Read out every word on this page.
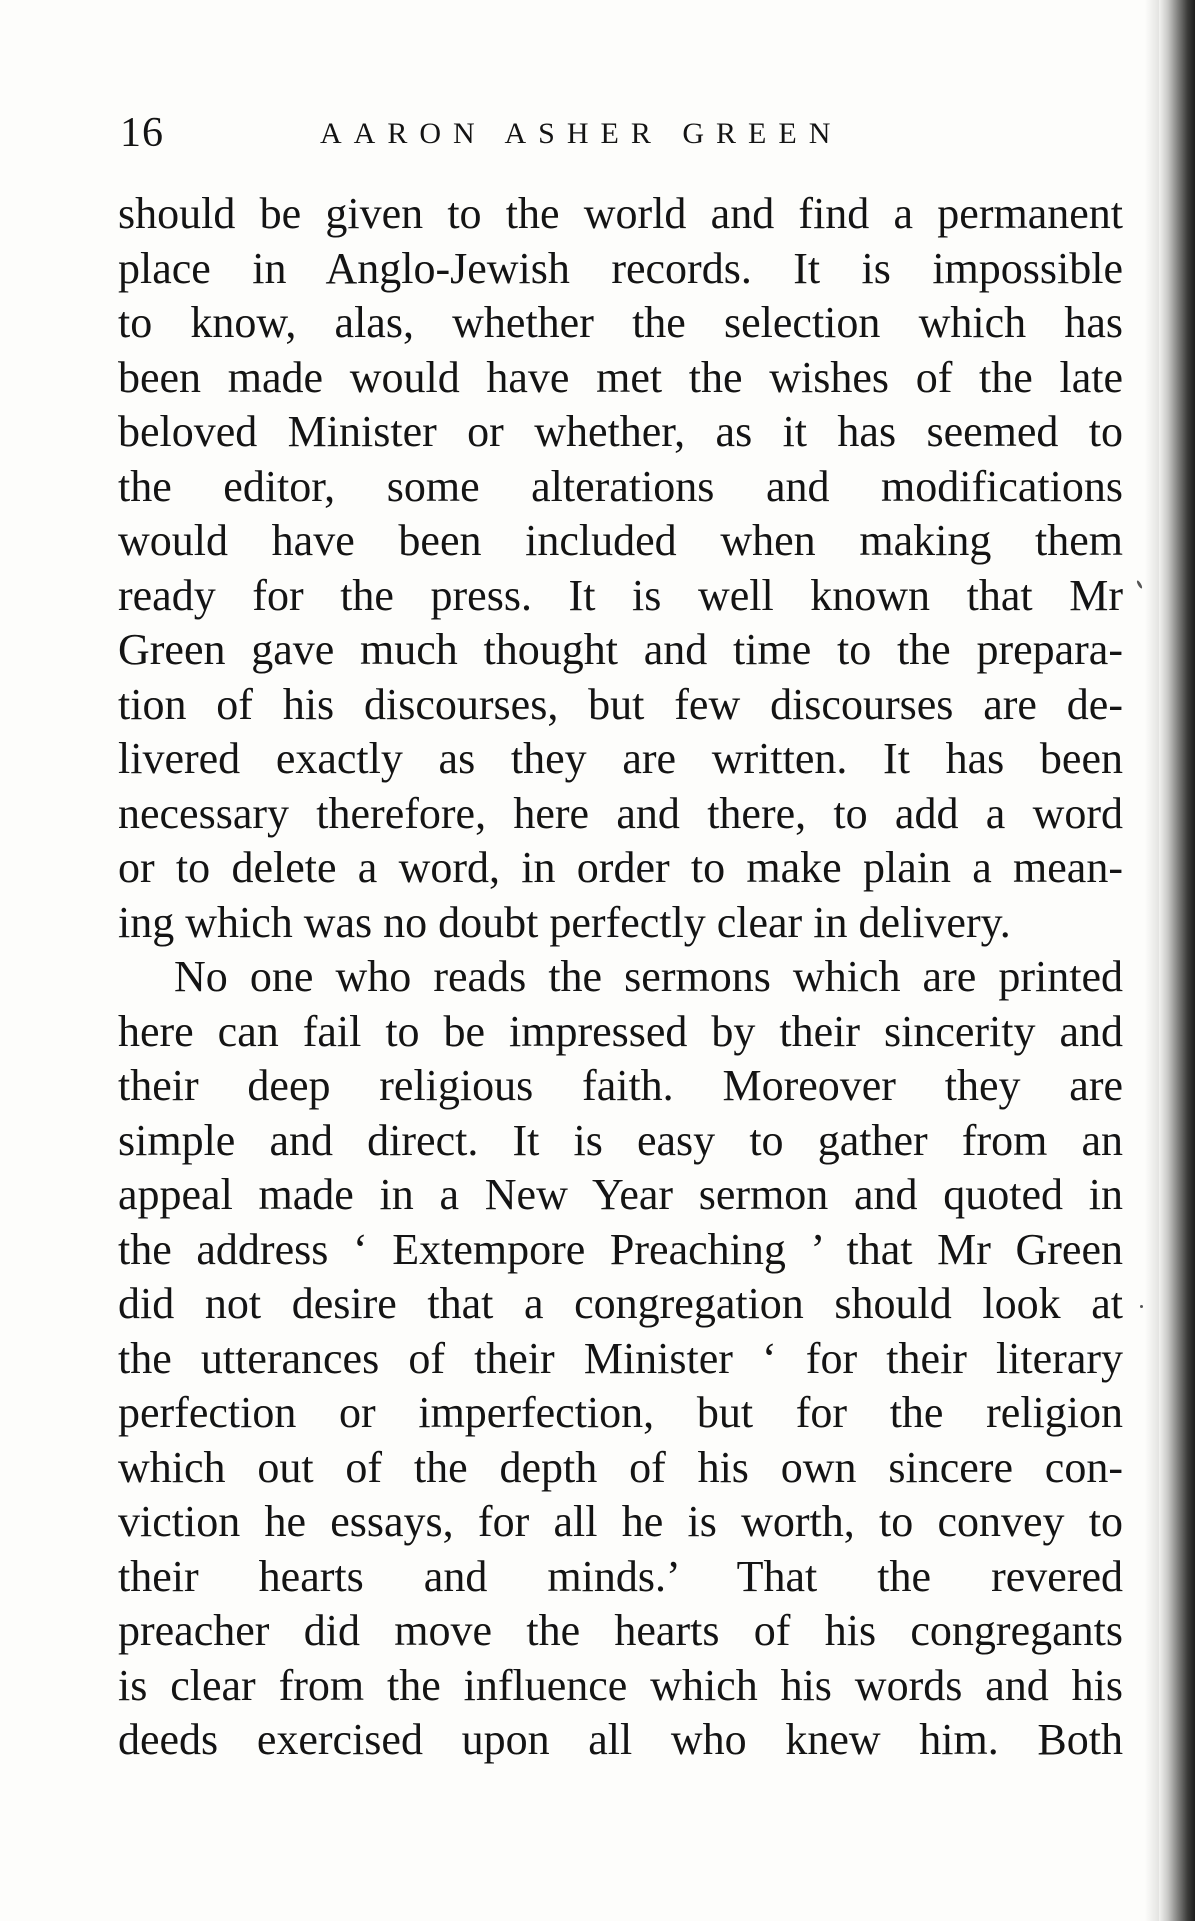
16	AARON ASHER GREEN
should be given to the world and find a permanent
place in Anglo-Jewish records. It is impossible
to know, alas, whether the selection which has
been made would have met the wishes of the late
beloved Minister or whether, as it has seemed to
the editor, some alterations and modifications
would have been included when making them
ready for the press. It is well known that Mr
Green gave much thought and time to the prepara-
tion of his discourses, but few discourses are de-
livered exactly as they are written. It has been
necessary therefore, here and there, to add a word
or to delete a word, in order to make plain a mean-
ing which was no doubt perfectly clear in delivery.
No one who reads the sermons which are printed
here can fail to be impressed by their sincerity and
their deep religious faith. Moreover they are
simple and direct. It is easy to gather from an
appeal made in a New Year sermon and quoted in
the address ‘ Extempore Preaching ’ that Mr Green
did not desire that a congregation should look at
the utterances of their Minister ‘ for their literary
perfection or imperfection, but for the religion
which out of the depth of his own sincere con-
viction he essays, for all he is worth, to convey to
their hearts and minds.’ That the revered
preacher did move the hearts of his congregants
is clear from the influence which his words and his
deeds exercised upon all who knew him. Both
